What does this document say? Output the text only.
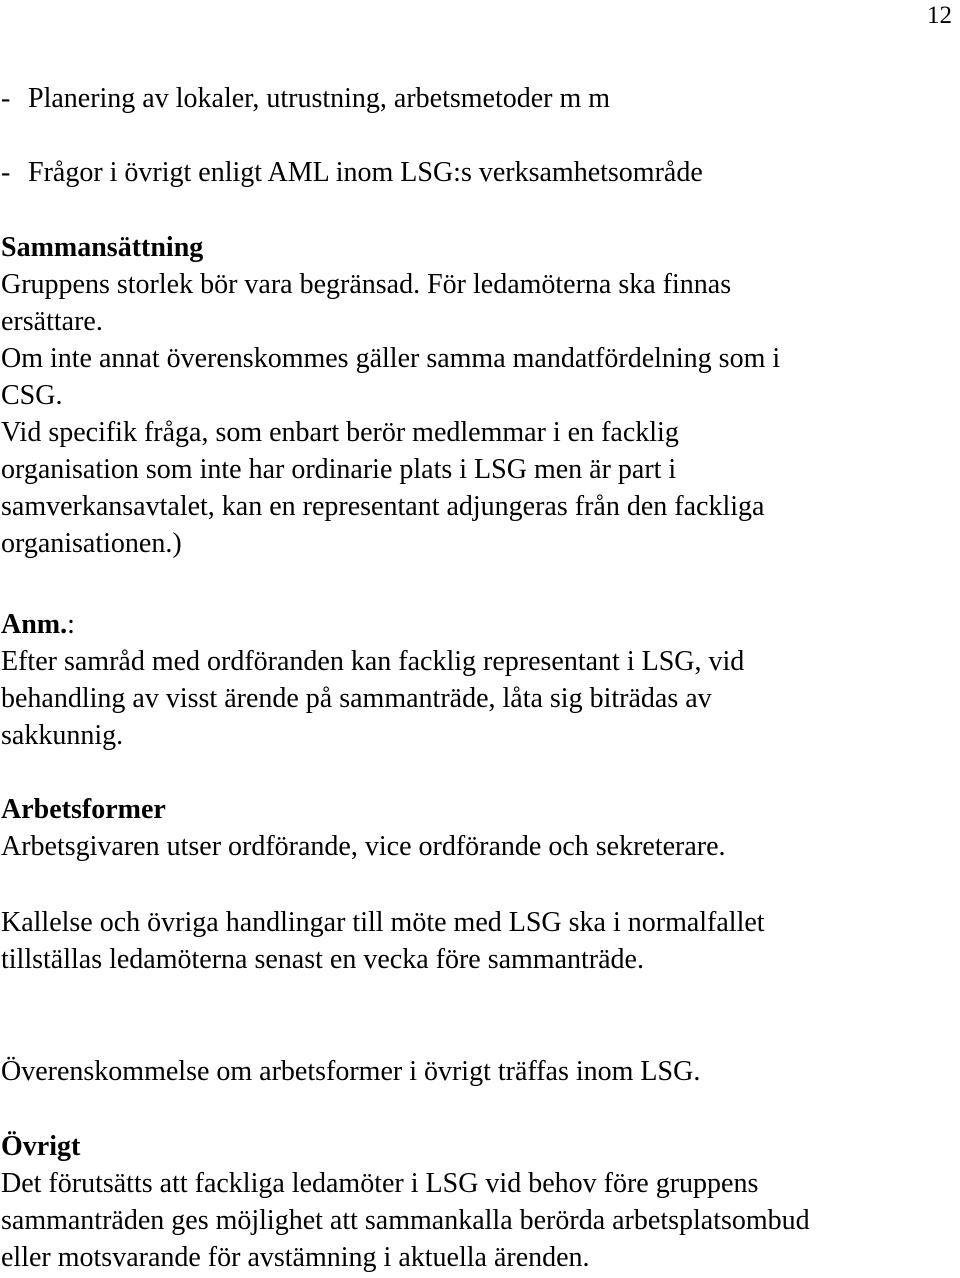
12
- Planering av lokaler, utrustning, arbetsmetoder m m
- Frågor i övrigt enligt AML inom LSG:s verksamhetsområde
Sammansättning
Gruppens storlek bör vara begränsad. För ledamöterna ska finnas
ersättare.
Om inte annat överenskommes gäller samma mandatfördelning som i
CSG.
Vid specifik fråga, som enbart berör medlemmar i en facklig
organisation som inte har ordinarie plats i LSG men är part i
samverkansavtalet, kan en representant adjungeras från den fackliga
organisationen.)
Anm.:
Efter samråd med ordföranden kan facklig representant i LSG, vid
behandling av visst ärende på sammanträde, låta sig biträdas av
sakkunnig.
Arbetsformer
Arbetsgivaren utser ordförande, vice ordförande och sekreterare.
Kallelse och övriga handlingar till möte med LSG ska i normalfallet
tillställas ledamöterna senast en vecka före sammanträde.
Överenskommelse om arbetsformer i övrigt träffas inom LSG.
Övrigt
Det förutsätts att fackliga ledamöter i LSG vid behov före gruppens
sammanträden ges möjlighet att sammankalla berörda arbetsplatsombud
eller motsvarande för avstämning i aktuella ärenden.
